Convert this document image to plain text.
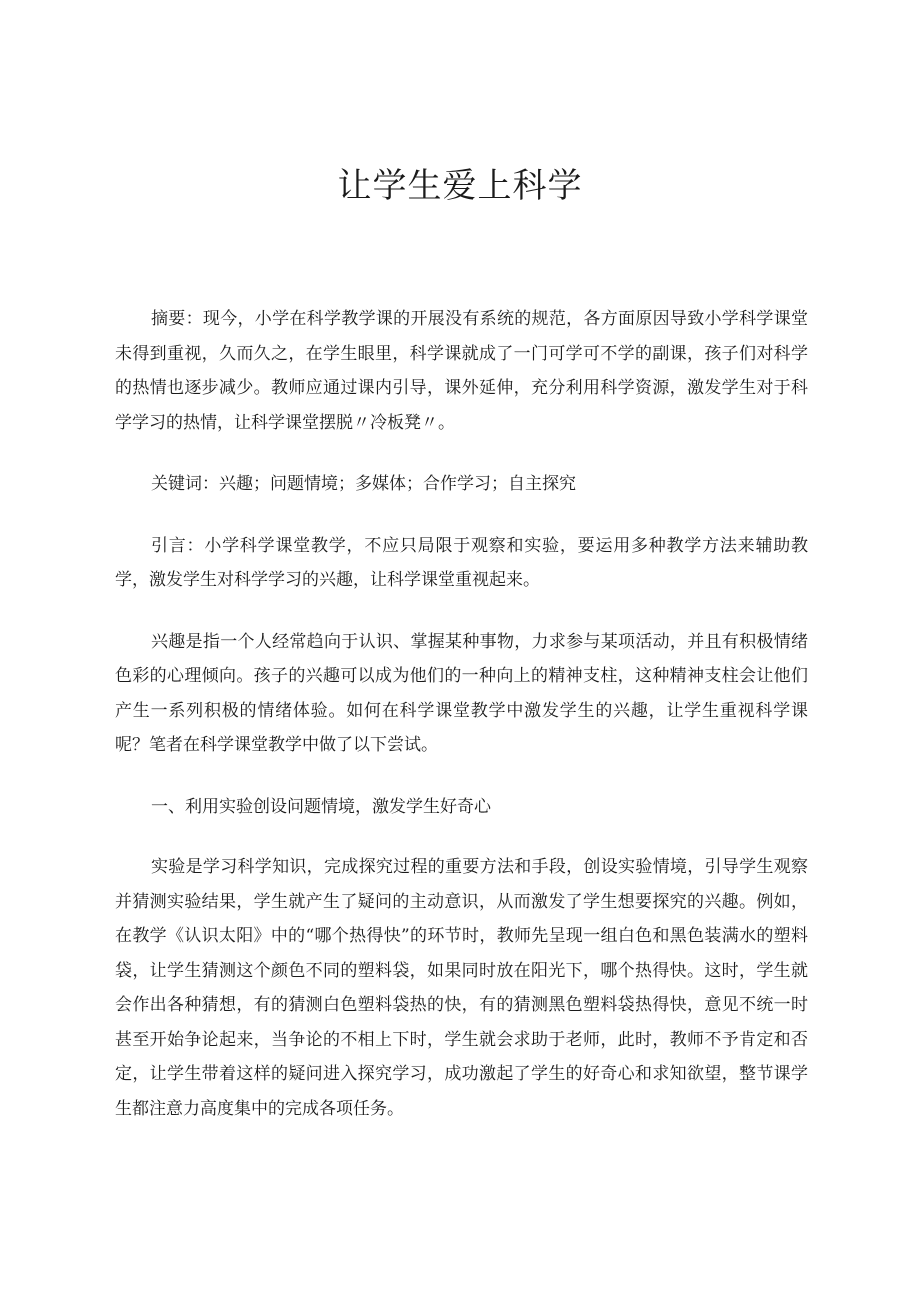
让学生爱上科学

摘要：现今，小学在科学教学课的开展没有系统的规范，各方面原因导致小学科学课堂未得到重视，久而久之，在学生眼里，科学课就成了一门可学可不学的副课，孩子们对科学的热情也逐步减少。教师应通过课内引导，课外延伸，充分利用科学资源，激发学生对于科学学习的热情，让科学课堂摆脱〃冷板凳〃。

关键词：兴趣；问题情境；多媒体；合作学习；自主探究

引言：小学科学课堂教学，不应只局限于观察和实验，要运用多种教学方法来辅助教学，激发学生对科学学习的兴趣，让科学课堂重视起来。

兴趣是指一个人经常趋向于认识、掌握某种事物，力求参与某项活动，并且有积极情绪色彩的心理倾向。孩子的兴趣可以成为他们的一种向上的精神支柱，这种精神支柱会让他们产生一系列积极的情绪体验。如何在科学课堂教学中激发学生的兴趣，让学生重视科学课呢？笔者在科学课堂教学中做了以下尝试。

一、利用实验创设问题情境，激发学生好奇心

实验是学习科学知识，完成探究过程的重要方法和手段，创设实验情境，引导学生观察并猜测实验结果，学生就产生了疑问的主动意识，从而激发了学生想要探究的兴趣。例如，在教学《认识太阳》中的“哪个热得快”的环节时，教师先呈现一组白色和黑色装满水的塑料袋，让学生猜测这个颜色不同的塑料袋，如果同时放在阳光下，哪个热得快。这时，学生就会作出各种猜想，有的猜测白色塑料袋热的快，有的猜测黑色塑料袋热得快，意见不统一时甚至开始争论起来，当争论的不相上下时，学生就会求助于老师，此时，教师不予肯定和否定，让学生带着这样的疑问进入探究学习，成功激起了学生的好奇心和求知欲望，整节课学生都注意力高度集中的完成各项任务。
